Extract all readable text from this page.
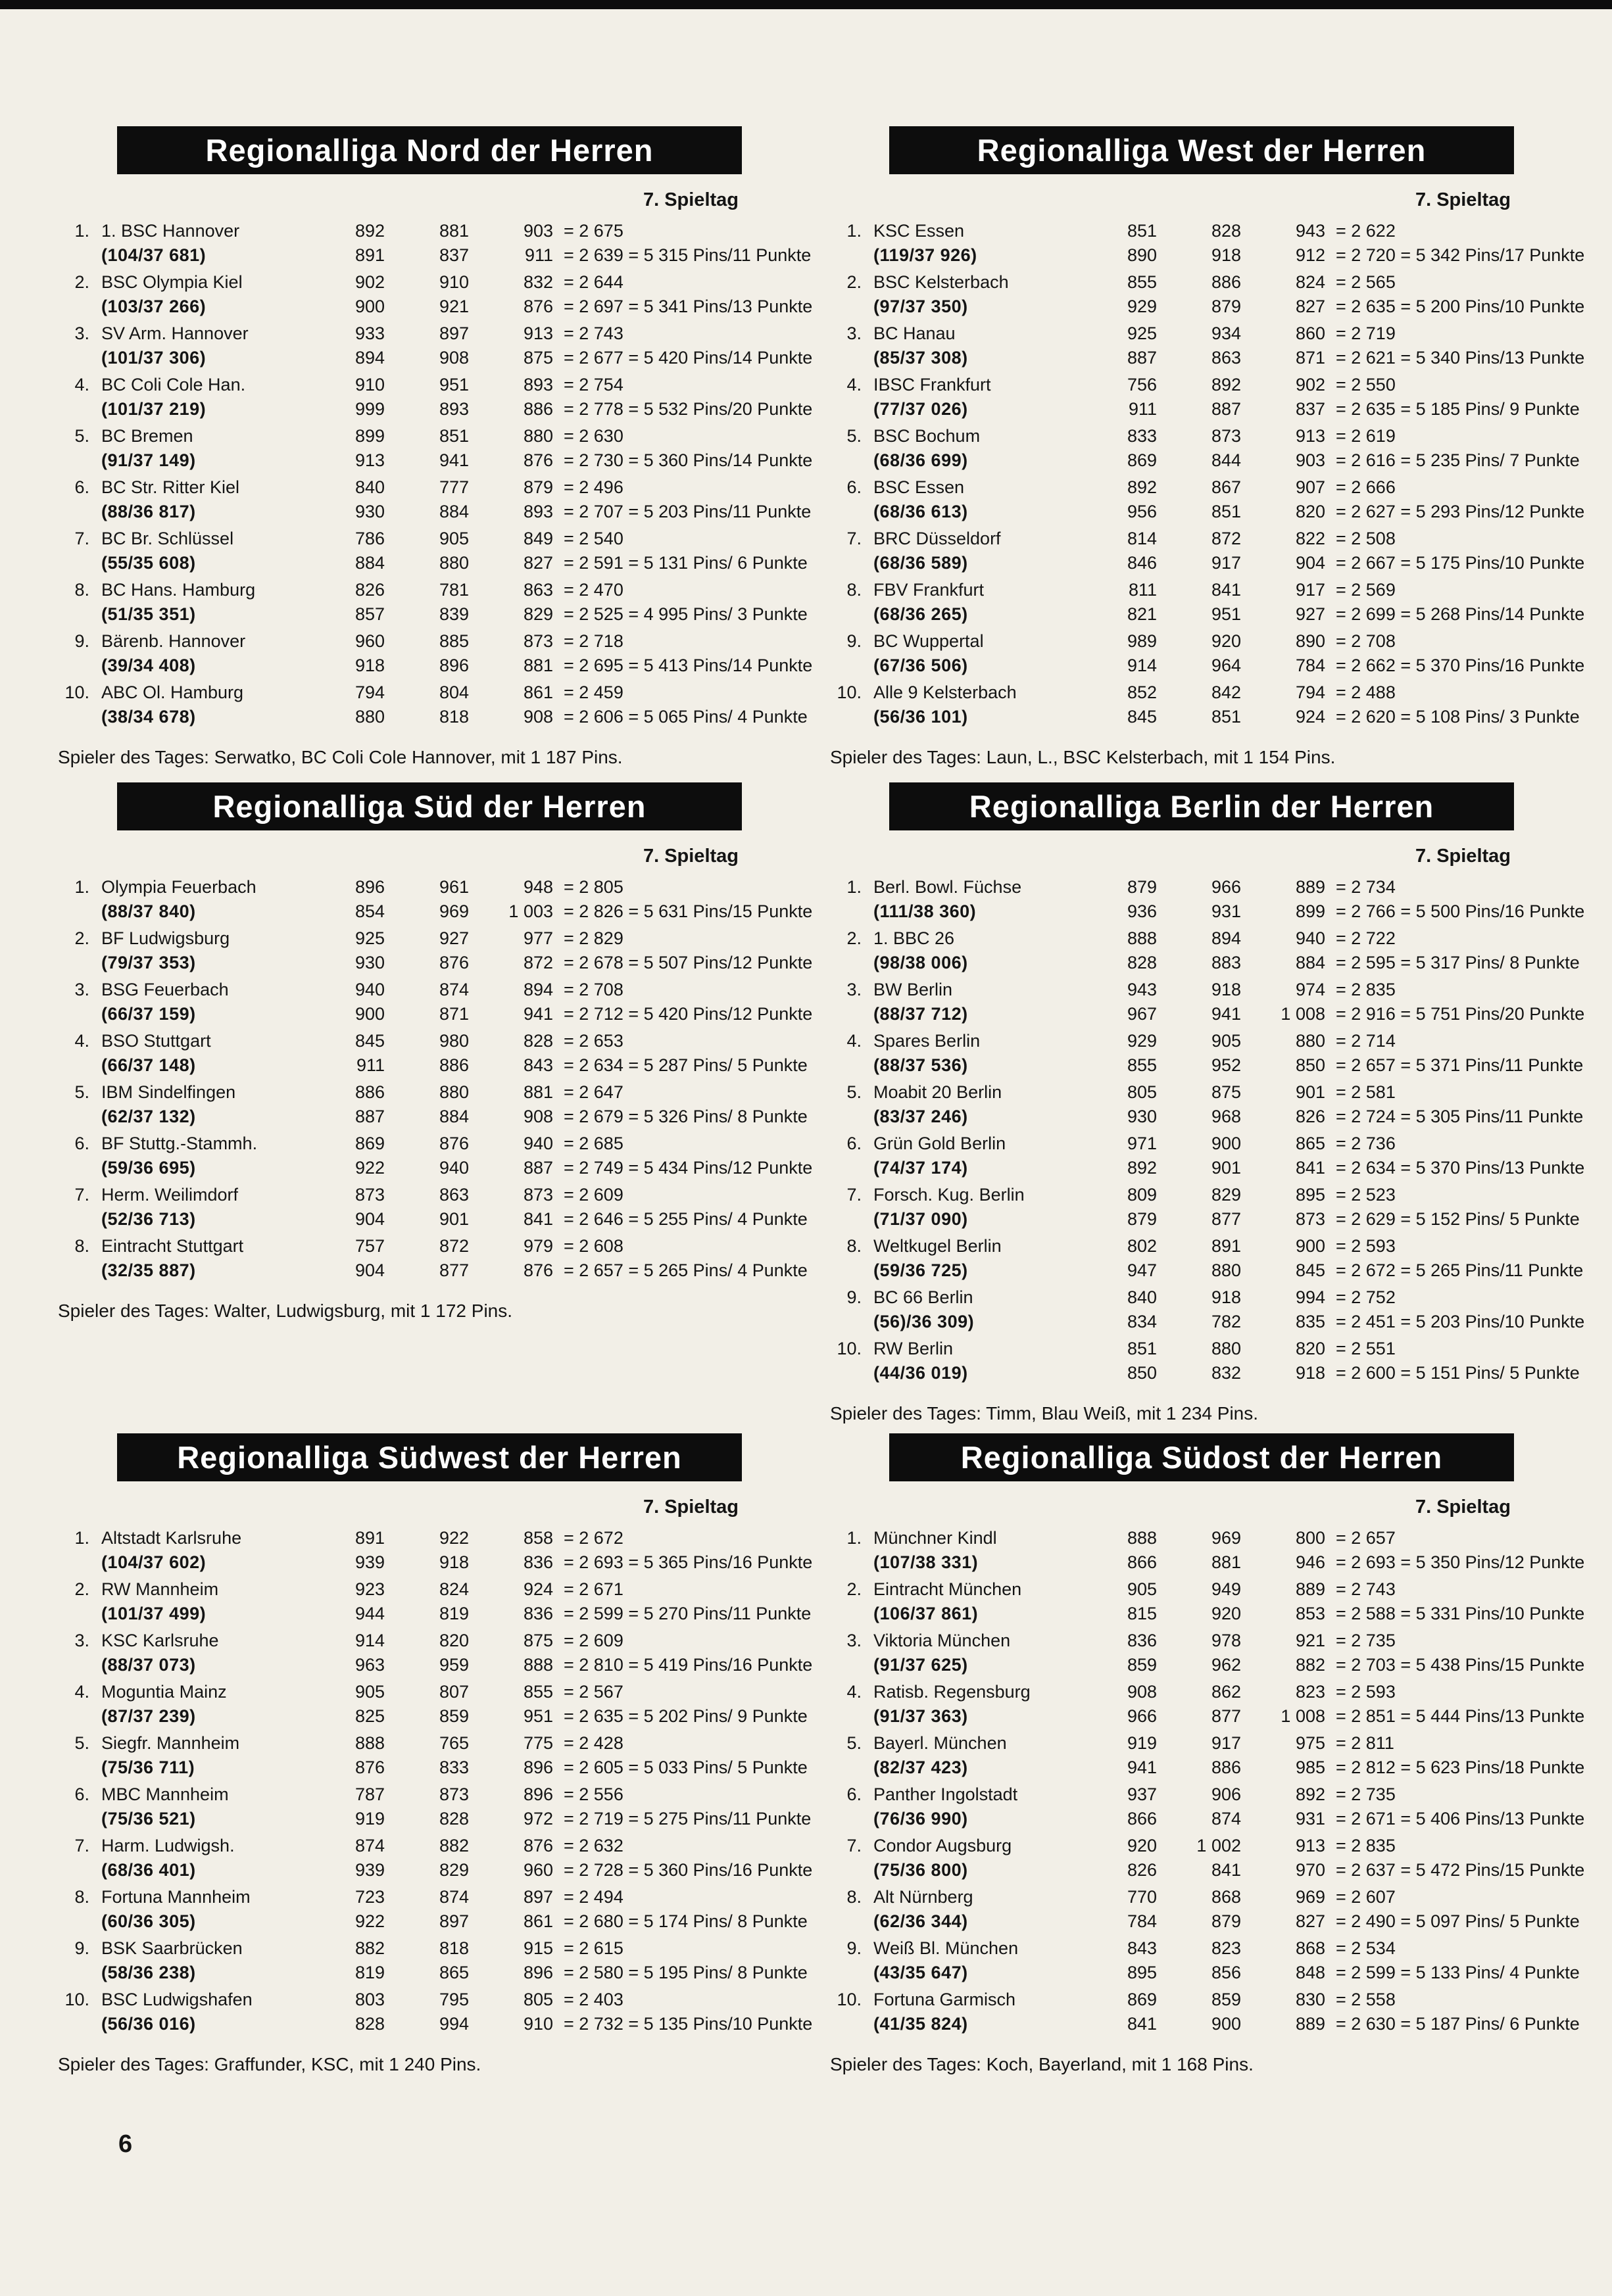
Regionalliga Nord der Herren
7. Spieltag
1. 1. BSC Hannover	892	881	903 = 2 675
(104/37 681)	891	837	911 = 2 639 = 5 315 Pins/11 Punkte
2. BSC Olympia Kiel	902	910	832 = 2 644
(103/37 266)	900	921	876 = 2 697 = 5 341 Pins/13 Punkte
3. SV Arm. Hannover	933	897	913 = 2 743
(101/37 306)	894	908	875 = 2 677 = 5 420 Pins/14 Punkte
4. BC Coli Cole Han.	910	951	893 = 2 754
(101/37 219)	999	893	886 = 2 778 = 5 532 Pins/20 Punkte
5. BC Bremen	899	851	880 = 2 630
(91/37 149)	913	941	876 = 2 730 = 5 360 Pins/14 Punkte
6. BC Str. Ritter Kiel	840	777	879 = 2 496
(88/36 817)	930	884	893 = 2 707 = 5 203 Pins/11 Punkte
7. BC Br. Schlüssel	786	905	849 = 2 540
(55/35 608)	884	880	827 = 2 591 = 5 131 Pins/ 6 Punkte
8. BC Hans. Hamburg	826	781	863 = 2 470
(51/35 351)	857	839	829 = 2 525 = 4 995 Pins/ 3 Punkte
9. Bärenb. Hannover	960	885	873 = 2 718
(39/34 408)	918	896	881 = 2 695 = 5 413 Pins/14 Punkte
10. ABC Ol. Hamburg	794	804	861 = 2 459
(38/34 678)	880	818	908 = 2 606 = 5 065 Pins/ 4 Punkte
Spieler des Tages: Serwatko, BC Coli Cole Hannover, mit 1 187 Pins.
Regionalliga Süd der Herren
7. Spieltag
1. Olympia Feuerbach	896	961	948 = 2 805
(88/37 840)	854	969	1 003 = 2 826 = 5 631 Pins/15 Punkte
2. BF Ludwigsburg	925	927	977 = 2 829
(79/37 353)	930	876	872 = 2 678 = 5 507 Pins/12 Punkte
3. BSG Feuerbach	940	874	894 = 2 708
(66/37 159)	900	871	941 = 2 712 = 5 420 Pins/12 Punkte
4. BSO Stuttgart	845	980	828 = 2 653
(66/37 148)	911	886	843 = 2 634 = 5 287 Pins/ 5 Punkte
5. IBM Sindelfingen	886	880	881 = 2 647
(62/37 132)	887	884	908 = 2 679 = 5 326 Pins/ 8 Punkte
6. BF Stuttg.-Stammh.	869	876	940 = 2 685
(59/36 695)	922	940	887 = 2 749 = 5 434 Pins/12 Punkte
7. Herm. Weilimdorf	873	863	873 = 2 609
(52/36 713)	904	901	841 = 2 646 = 5 255 Pins/ 4 Punkte
8. Eintracht Stuttgart	757	872	979 = 2 608
(32/35 887)	904	877	876 = 2 657 = 5 265 Pins/ 4 Punkte
Spieler des Tages: Walter, Ludwigsburg, mit 1 172 Pins.
Regionalliga Südwest der Herren
7. Spieltag
1. Altstadt Karlsruhe	891	922	858 = 2 672
(104/37 602)	939	918	836 = 2 693 = 5 365 Pins/16 Punkte
2. RW Mannheim	923	824	924 = 2 671
(101/37 499)	944	819	836 = 2 599 = 5 270 Pins/11 Punkte
3. KSC Karlsruhe	914	820	875 = 2 609
(88/37 073)	963	959	888 = 2 810 = 5 419 Pins/16 Punkte
4. Moguntia Mainz	905	807	855 = 2 567
(87/37 239)	825	859	951 = 2 635 = 5 202 Pins/ 9 Punkte
5. Siegfr. Mannheim	888	765	775 = 2 428
(75/36 711)	876	833	896 = 2 605 = 5 033 Pins/ 5 Punkte
6. MBC Mannheim	787	873	896 = 2 556
(75/36 521)	919	828	972 = 2 719 = 5 275 Pins/11 Punkte
7. Harm. Ludwigsh.	874	882	876 = 2 632
(68/36 401)	939	829	960 = 2 728 = 5 360 Pins/16 Punkte
8. Fortuna Mannheim	723	874	897 = 2 494
(60/36 305)	922	897	861 = 2 680 = 5 174 Pins/ 8 Punkte
9. BSK Saarbrücken	882	818	915 = 2 615
(58/36 238)	819	865	896 = 2 580 = 5 195 Pins/ 8 Punkte
10. BSC Ludwigshafen	803	795	805 = 2 403
(56/36 016)	828	994	910 = 2 732 = 5 135 Pins/10 Punkte
Spieler des Tages: Graffunder, KSC, mit 1 240 Pins.
Regionalliga West der Herren
7. Spieltag
1. KSC Essen	851	828	943 = 2 622
(119/37 926)	890	918	912 = 2 720 = 5 342 Pins/17 Punkte
2. BSC Kelsterbach	855	886	824 = 2 565
(97/37 350)	929	879	827 = 2 635 = 5 200 Pins/10 Punkte
3. BC Hanau	925	934	860 = 2 719
(85/37 308)	887	863	871 = 2 621 = 5 340 Pins/13 Punkte
4. IBSC Frankfurt	756	892	902 = 2 550
(77/37 026)	911	887	837 = 2 635 = 5 185 Pins/ 9 Punkte
5. BSC Bochum	833	873	913 = 2 619
(68/36 699)	869	844	903 = 2 616 = 5 235 Pins/ 7 Punkte
6. BSC Essen	892	867	907 = 2 666
(68/36 613)	956	851	820 = 2 627 = 5 293 Pins/12 Punkte
7. BRC Düsseldorf	814	872	822 = 2 508
(68/36 589)	846	917	904 = 2 667 = 5 175 Pins/10 Punkte
8. FBV Frankfurt	811	841	917 = 2 569
(68/36 265)	821	951	927 = 2 699 = 5 268 Pins/14 Punkte
9. BC Wuppertal	989	920	890 = 2 708
(67/36 506)	914	964	784 = 2 662 = 5 370 Pins/16 Punkte
10. Alle 9 Kelsterbach	852	842	794 = 2 488
(56/36 101)	845	851	924 = 2 620 = 5 108 Pins/ 3 Punkte
Spieler des Tages: Laun, L., BSC Kelsterbach, mit 1 154 Pins.
Regionalliga Berlin der Herren
7. Spieltag
1. Berl. Bowl. Füchse	879	966	889 = 2 734
(111/38 360)	936	931	899 = 2 766 = 5 500 Pins/16 Punkte
2. 1. BBC 26	888	894	940 = 2 722
(98/38 006)	828	883	884 = 2 595 = 5 317 Pins/ 8 Punkte
3. BW Berlin	943	918	974 = 2 835
(88/37 712)	967	941	1 008 = 2 916 = 5 751 Pins/20 Punkte
4. Spares Berlin	929	905	880 = 2 714
(88/37 536)	855	952	850 = 2 657 = 5 371 Pins/11 Punkte
5. Moabit 20 Berlin	805	875	901 = 2 581
(83/37 246)	930	968	826 = 2 724 = 5 305 Pins/11 Punkte
6. Grün Gold Berlin	971	900	865 = 2 736
(74/37 174)	892	901	841 = 2 634 = 5 370 Pins/13 Punkte
7. Forsch. Kug. Berlin	809	829	895 = 2 523
(71/37 090)	879	877	873 = 2 629 = 5 152 Pins/ 5 Punkte
8. Weltkugel Berlin	802	891	900 = 2 593
(59/36 725)	947	880	845 = 2 672 = 5 265 Pins/11 Punkte
9. BC 66 Berlin	840	918	994 = 2 752
(56)/36 309)	834	782	835 = 2 451 = 5 203 Pins/10 Punkte
10. RW Berlin	851	880	820 = 2 551
(44/36 019)	850	832	918 = 2 600 = 5 151 Pins/ 5 Punkte
Spieler des Tages: Timm, Blau Weiß, mit 1 234 Pins.
Regionalliga Südost der Herren
7. Spieltag
1. Münchner Kindl	888	969	800 = 2 657
(107/38 331)	866	881	946 = 2 693 = 5 350 Pins/12 Punkte
2. Eintracht München	905	949	889 = 2 743
(106/37 861)	815	920	853 = 2 588 = 5 331 Pins/10 Punkte
3. Viktoria München	836	978	921 = 2 735
(91/37 625)	859	962	882 = 2 703 = 5 438 Pins/15 Punkte
4. Ratisb. Regensburg	908	862	823 = 2 593
(91/37 363)	966	877	1 008 = 2 851 = 5 444 Pins/13 Punkte
5. Bayerl. München	919	917	975 = 2 811
(82/37 423)	941	886	985 = 2 812 = 5 623 Pins/18 Punkte
6. Panther Ingolstadt	937	906	892 = 2 735
(76/36 990)	866	874	931 = 2 671 = 5 406 Pins/13 Punkte
7. Condor Augsburg	920	1 002	913 = 2 835
(75/36 800)	826	841	970 = 2 637 = 5 472 Pins/15 Punkte
8. Alt Nürnberg	770	868	969 = 2 607
(62/36 344)	784	879	827 = 2 490 = 5 097 Pins/ 5 Punkte
9. Weiß Bl. München	843	823	868 = 2 534
(43/35 647)	895	856	848 = 2 599 = 5 133 Pins/ 4 Punkte
10. Fortuna Garmisch	869	859	830 = 2 558
(41/35 824)	841	900	889 = 2 630 = 5 187 Pins/ 6 Punkte
Spieler des Tages: Koch, Bayerland, mit 1 168 Pins.
6
